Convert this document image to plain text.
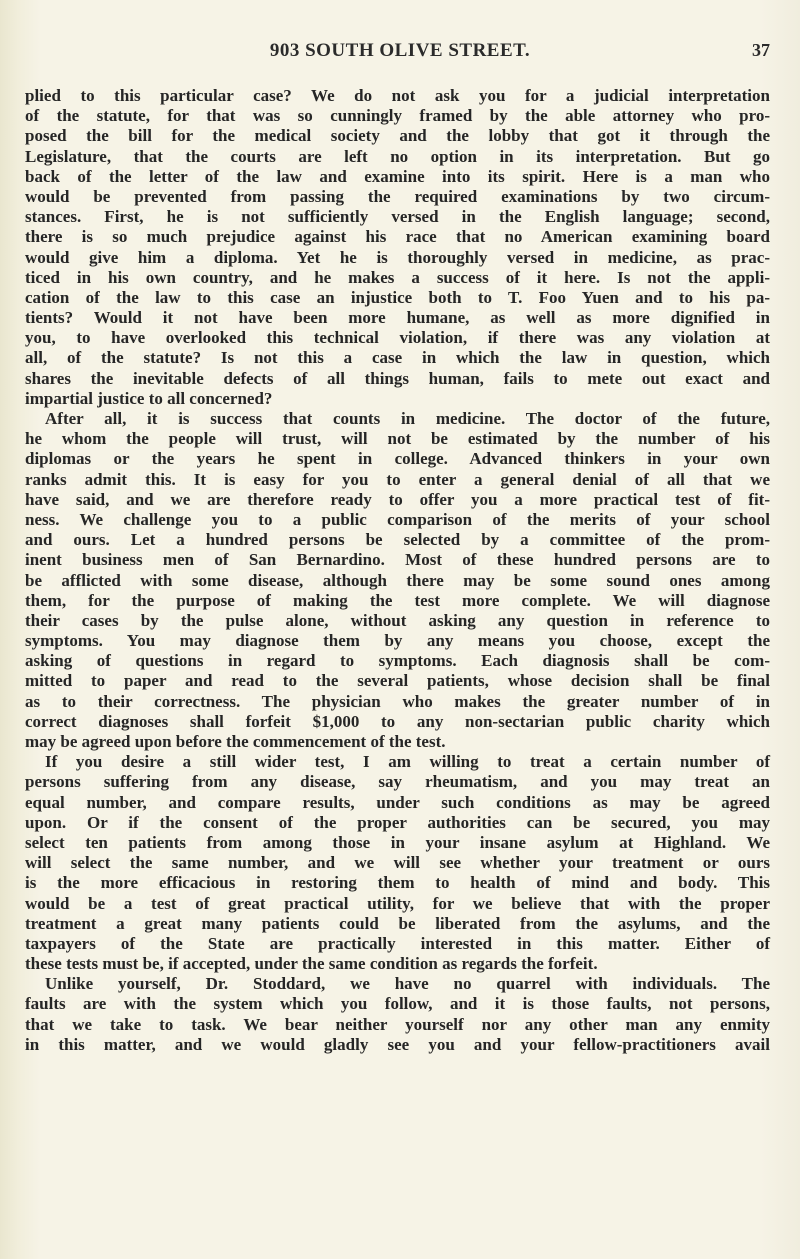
903 SOUTH OLIVE STREET.	37
plied to this particular case? We do not ask you for a judicial interpretation
of the statute, for that was so cunningly framed by the able attorney who pro-
posed the bill for the medical society and the lobby that got it through the
Legislature, that the courts are left no option in its interpretation. But go
back of the letter of the law and examine into its spirit. Here is a man who
would be prevented from passing the required examinations by two circum-
stances. First, he is not sufficiently versed in the English language; second,
there is so much prejudice against his race that no American examining board
would give him a diploma. Yet he is thoroughly versed in medicine, as prac-
ticed in his own country, and he makes a success of it here. Is not the appli-
cation of the law to this case an injustice both to T. Foo Yuen and to his pa-
tients? Would it not have been more humane, as well as more dignified in
you, to have overlooked this technical violation, if there was any violation at
all, of the statute? Is not this a case in which the law in question, which
shares the inevitable defects of all things human, fails to mete out exact and
impartial justice to all concerned?
After all, it is success that counts in medicine. The doctor of the future,
he whom the people will trust, will not be estimated by the number of his
diplomas or the years he spent in college. Advanced thinkers in your own
ranks admit this. It is easy for you to enter a general denial of all that we
have said, and we are therefore ready to offer you a more practical test of fit-
ness. We challenge you to a public comparison of the merits of your school
and ours. Let a hundred persons be selected by a committee of the prom-
inent business men of San Bernardino. Most of these hundred persons are to
be afflicted with some disease, although there may be some sound ones among
them, for the purpose of making the test more complete. We will diagnose
their cases by the pulse alone, without asking any question in reference to
symptoms. You may diagnose them by any means you choose, except the
asking of questions in regard to symptoms. Each diagnosis shall be com-
mitted to paper and read to the several patients, whose decision shall be final
as to their correctness. The physician who makes the greater number of in
correct diagnoses shall forfeit $1,000 to any non-sectarian public charity which
may be agreed upon before the commencement of the test.
If you desire a still wider test, I am willing to treat a certain number of
persons suffering from any disease, say rheumatism, and you may treat an
equal number, and compare results, under such conditions as may be agreed
upon. Or if the consent of the proper authorities can be secured, you may
select ten patients from among those in your insane asylum at Highland. We
will select the same number, and we will see whether your treatment or ours
is the more efficacious in restoring them to health of mind and body. This
would be a test of great practical utility, for we believe that with the proper
treatment a great many patients could be liberated from the asylums, and the
taxpayers of the State are practically interested in this matter. Either of
these tests must be, if accepted, under the same condition as regards the forfeit.
Unlike yourself, Dr. Stoddard, we have no quarrel with individuals. The
faults are with the system which you follow, and it is those faults, not persons,
that we take to task. We bear neither yourself nor any other man any enmity
in this matter, and we would gladly see you and your fellow-practitioners avail
